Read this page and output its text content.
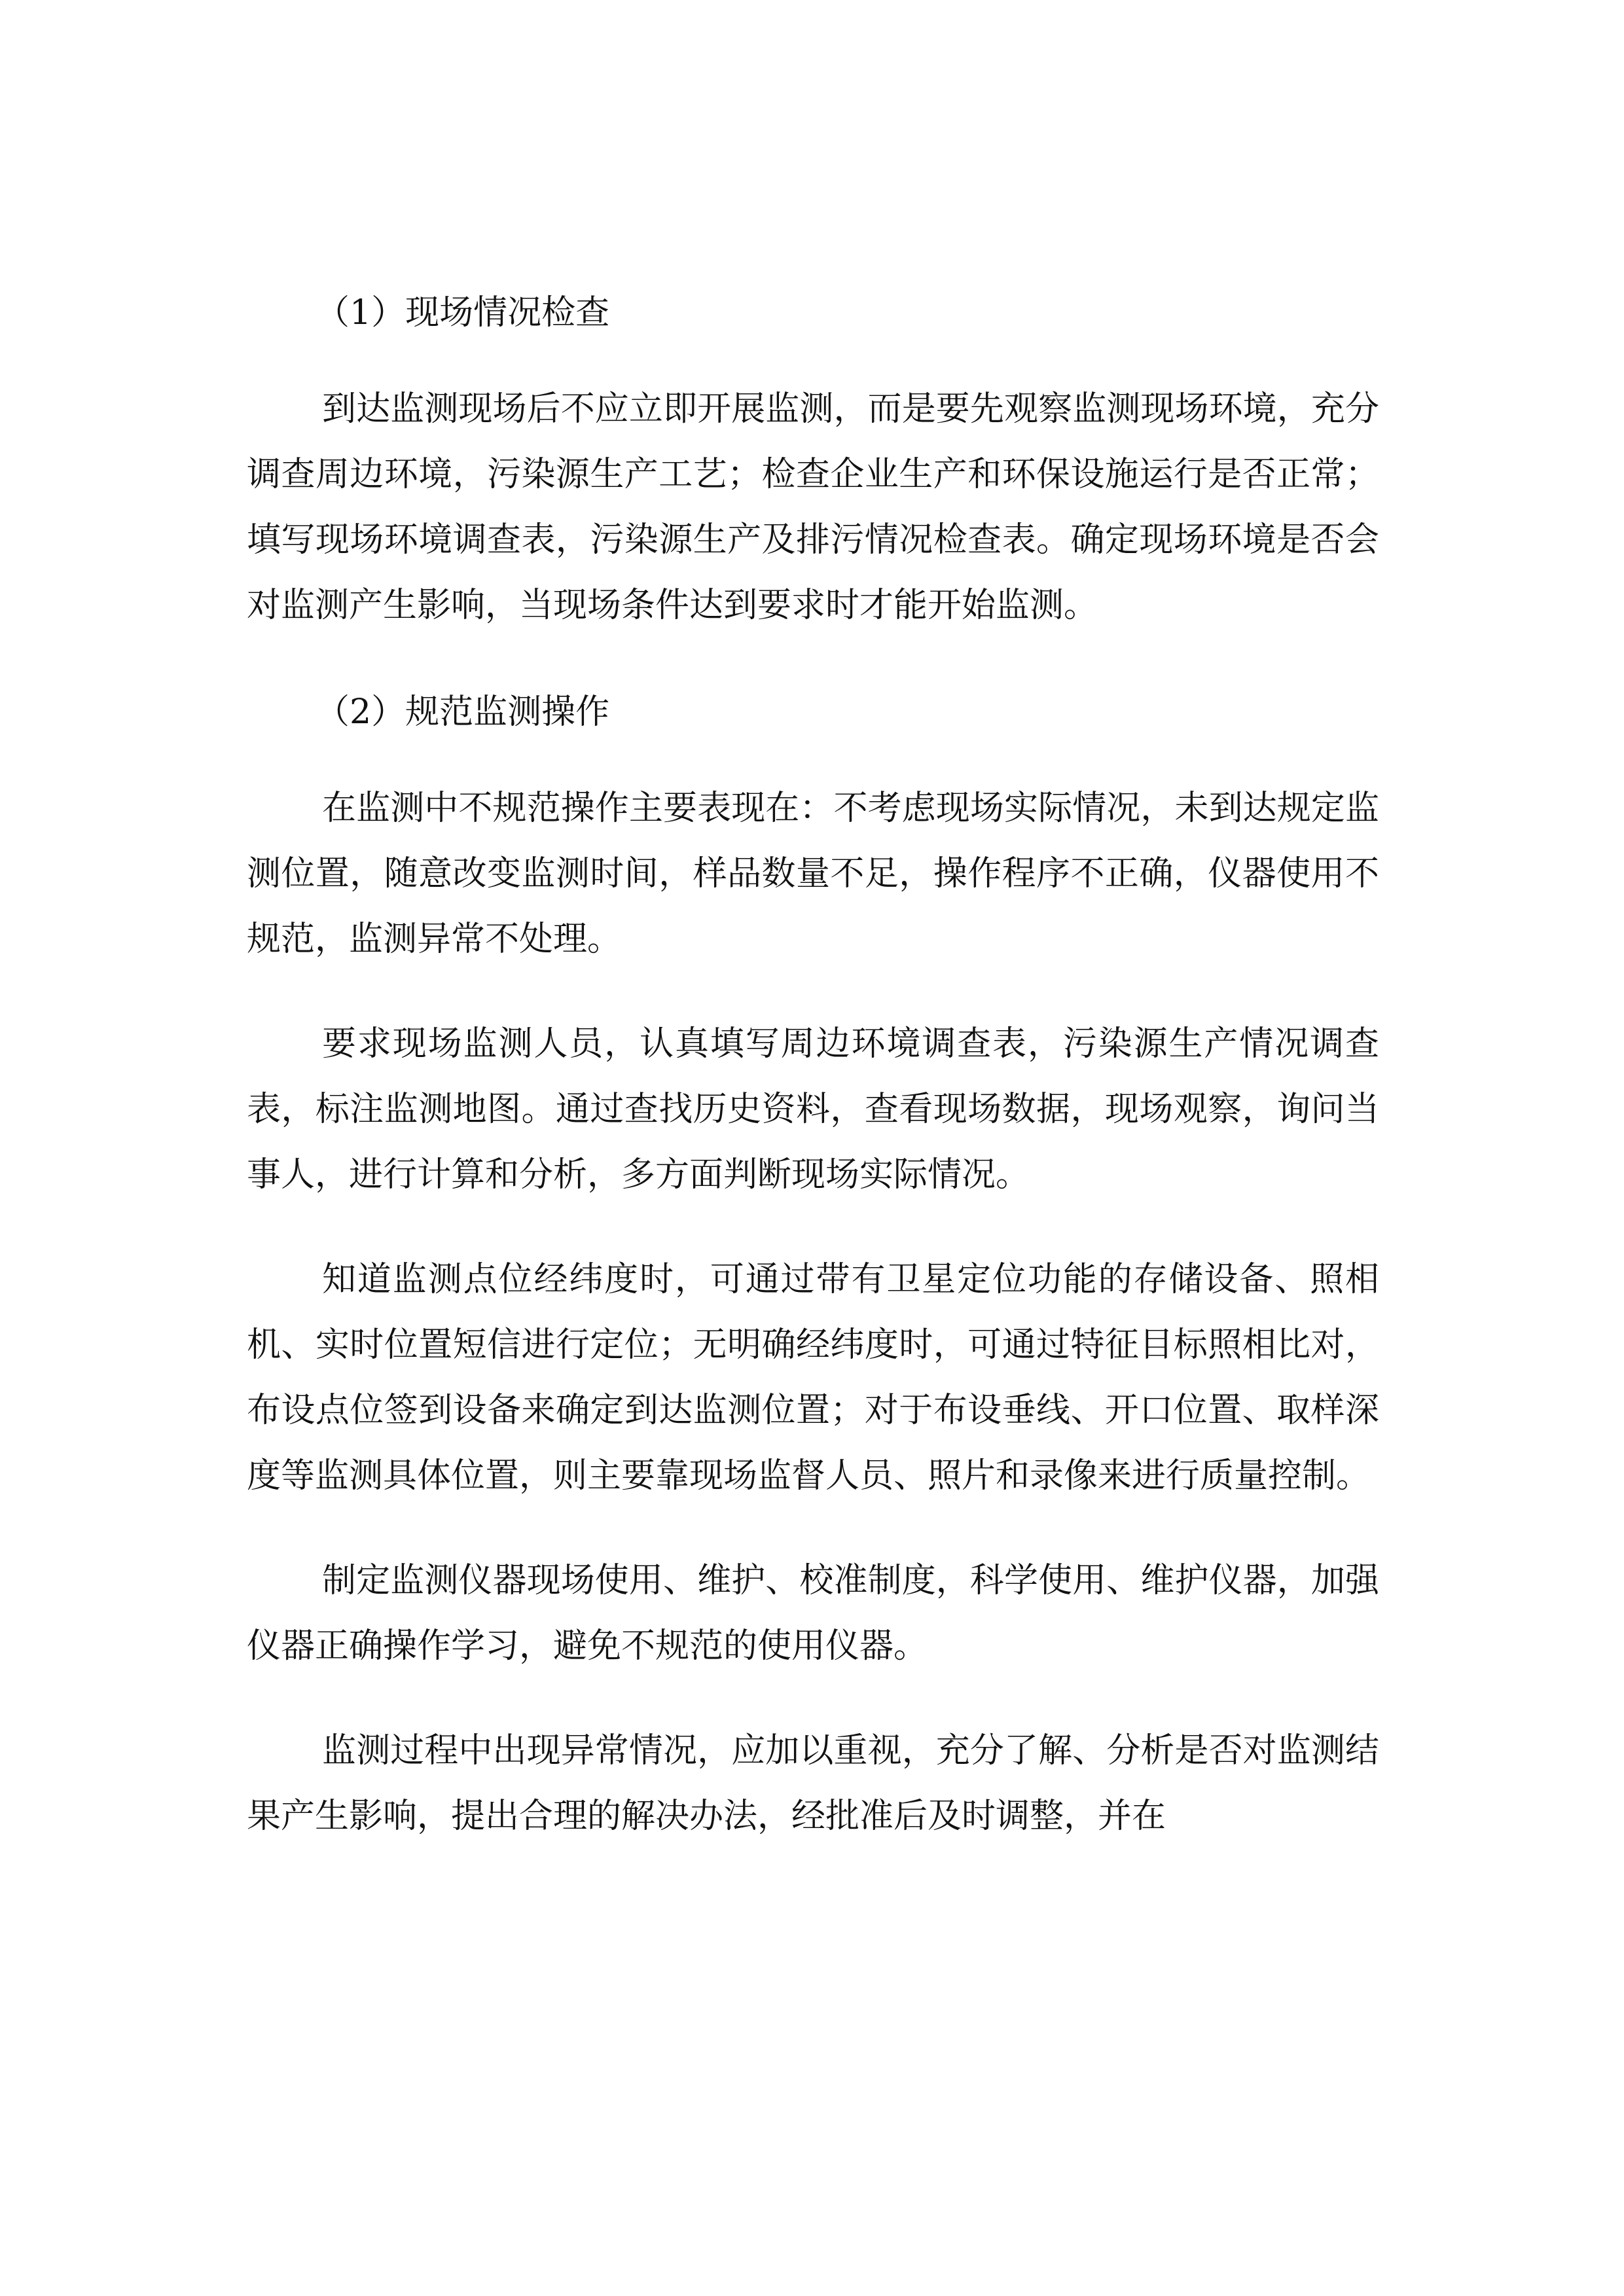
（1）现场情况检查

到达监测现场后不应立即开展监测，而是要先观察监测现场环境，充分调查周边环境，污染源生产工艺；检查企业生产和环保设施运行是否正常；填写现场环境调查表，污染源生产及排污情况检查表。确定现场环境是否会对监测产生影响，当现场条件达到要求时才能开始监测。

（2）规范监测操作

在监测中不规范操作主要表现在：不考虑现场实际情况，未到达规定监测位置，随意改变监测时间，样品数量不足，操作程序不正确，仪器使用不规范，监测异常不处理。

要求现场监测人员，认真填写周边环境调查表，污染源生产情况调查表，标注监测地图。通过查找历史资料，查看现场数据，现场观察，询问当事人，进行计算和分析，多方面判断现场实际情况。

知道监测点位经纬度时，可通过带有卫星定位功能的存储设备、照相机、实时位置短信进行定位；无明确经纬度时，可通过特征目标照相比对，布设点位签到设备来确定到达监测位置；对于布设垂线、开口位置、取样深度等监测具体位置，则主要靠现场监督人员、照片和录像来进行质量控制。

制定监测仪器现场使用、维护、校准制度，科学使用、维护仪器，加强仪器正确操作学习，避免不规范的使用仪器。

监测过程中出现异常情况，应加以重视，充分了解、分析是否对监测结果产生影响，提出合理的解决办法，经批准后及时调整，并在
